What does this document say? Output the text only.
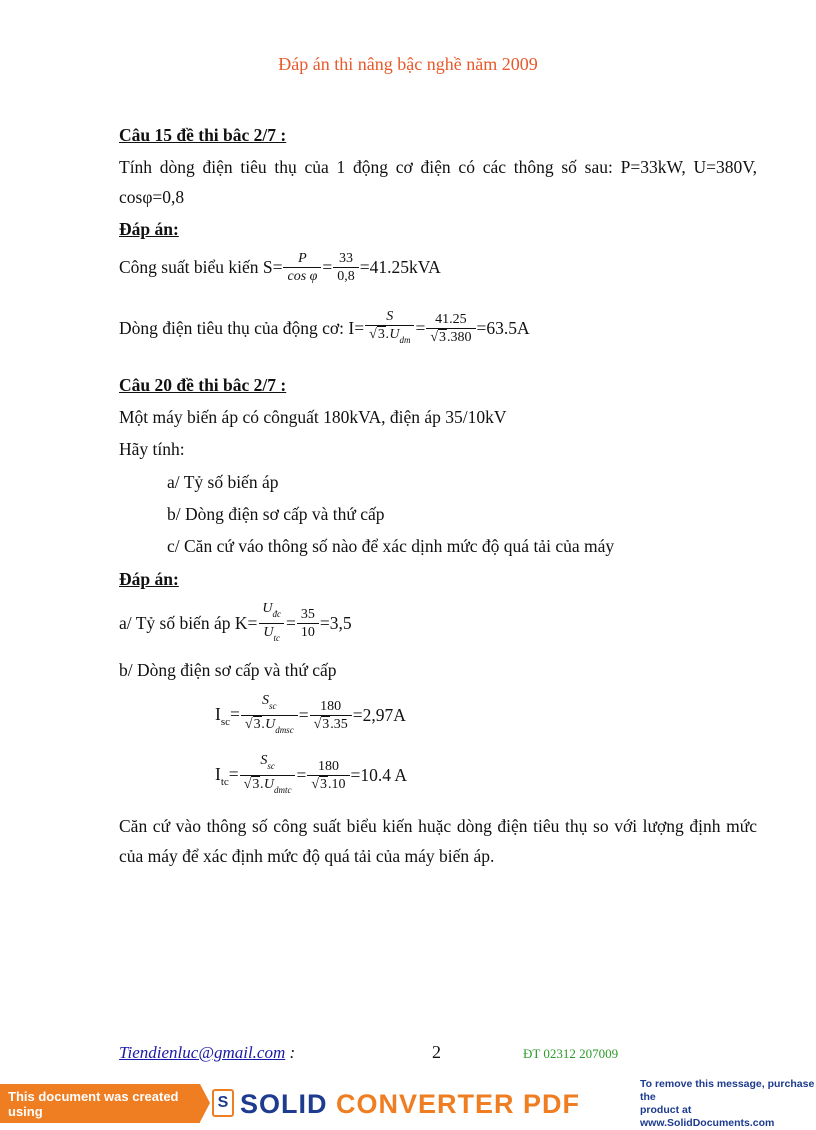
Đáp án thi nâng bậc nghề năm 2009
Câu 15 đề thi bâc 2/7 :
Tính dòng điện tiêu thụ của 1 động cơ điện có các thông số sau: P=33kW, U=380V, cosφ=0,8
Đáp án:
Công suất biểu kiến $S= \frac{P}{\text{cos φ}} = \frac{33}{0,8} =41.25kVA$
Dòng điện tiêu thụ của động cơ: $I= \frac{S}{√3.U_{dm}} = \frac{41.25}{√3.380} =63.5A$
Câu 20 đề thi bâc 2/7 :
Một máy biến áp có cônguất 180kVA, điện áp 35/10kV
Hãy tính:
a/ Tỷ số biến áp
b/ Dòng điện sơ cấp và thứ cấp
c/ Căn cứ váo thông số nào để xác dịnh mức độ quá tải của máy
Đáp án:
a/ Tỷ số biến áp $K= \frac{U_{đc}}{U_{tc}} = \frac{35}{10} =3,5$
b/ Dòng điện sơ cấp và thứ cấp
$I_{sc}= \frac{S_{sc}}{√3.U_{dmsc}} = \frac{180}{√3.35} =2,97A$
$I_{tc}= \frac{S_{sc}}{√3.U_{dmtc}} = \frac{180}{√3.10} =10.4$ A
Căn cứ vào thông số công suất biểu kiến huặc dòng điện tiêu thụ so với lượng định mức của máy để xác định mức độ quá tải của máy biến áp.
Tiendienluc@gmail.com :	2	ĐT 02312 207009
This document was created using	S SOLID CONVERTER PDF
To remove this message, purchase the
product at www.SolidDocuments.com
